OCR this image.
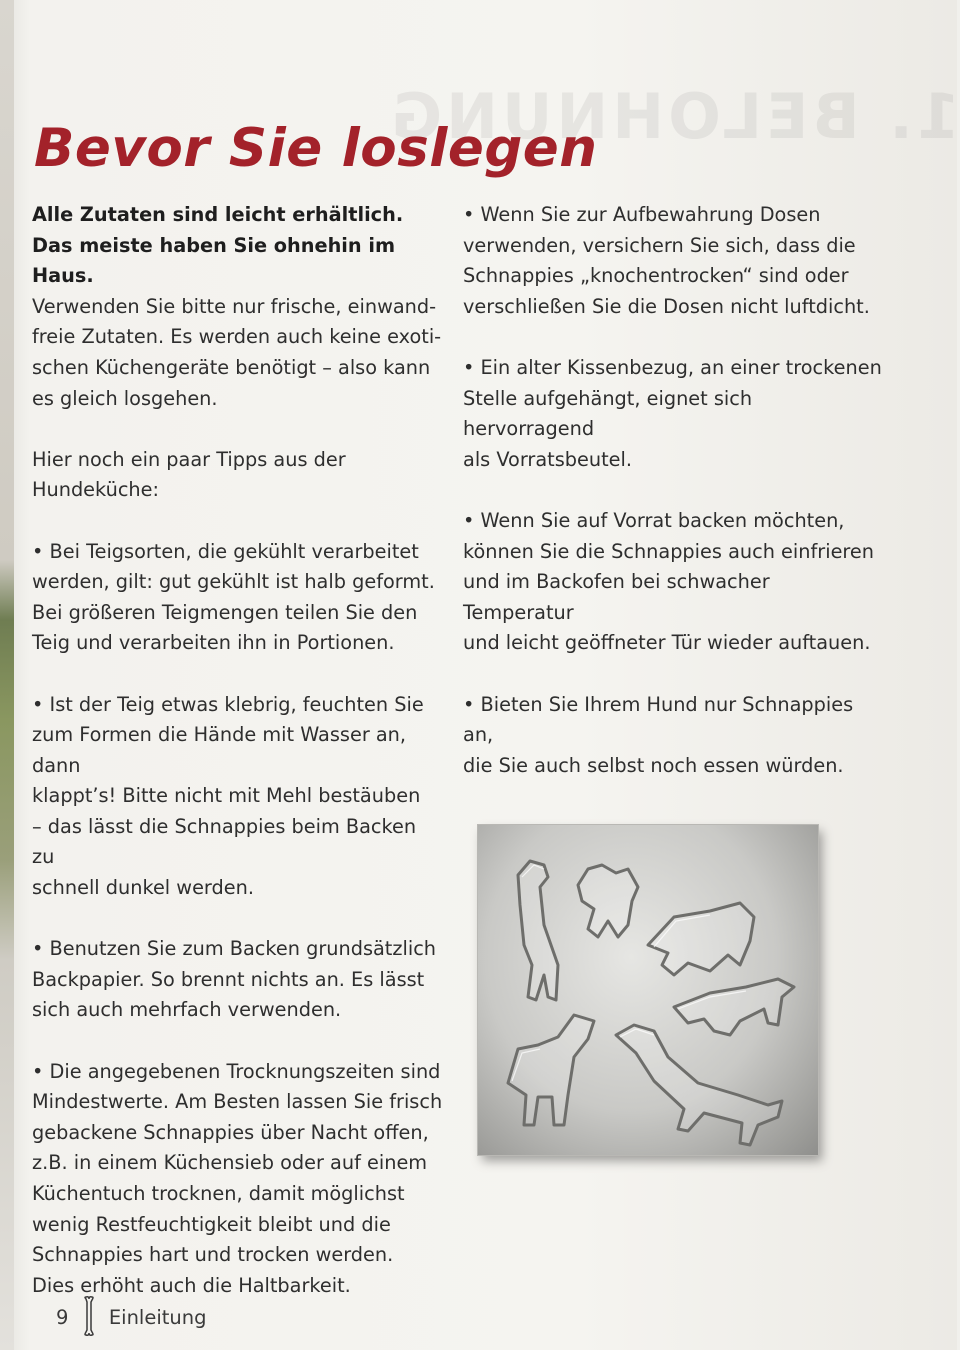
1. BELOHNUNG
Bevor Sie loslegen

Alle Zutaten sind leicht erhältlich.

Das meiste haben Sie ohnehin im Haus.

Verwenden Sie bitte nur frische, einwand-
freie Zutaten. Es werden auch keine exoti-
schen Küchengeräte benötigt – also kann
es gleich losgehen.

Hier noch ein paar Tipps aus der Hundeküche:

• Bei Teigsorten, die gekühlt verarbeitet
werden, gilt: gut gekühlt ist halb geformt.
Bei größeren Teigmengen teilen Sie den
Teig und verarbeiten ihn in Portionen.

• Ist der Teig etwas klebrig, feuchten Sie
zum Formen die Hände mit Wasser an, dann
klappt’s! Bitte nicht mit Mehl bestäuben
– das lässt die Schnappies beim Backen zu
schnell dunkel werden.

• Benutzen Sie zum Backen grundsätzlich
Backpapier. So brennt nichts an. Es lässt
sich auch mehrfach verwenden.

• Die angegebenen Trocknungszeiten sind
Mindestwerte. Am Besten lassen Sie frisch
gebackene Schnappies über Nacht offen,
z.B. in einem Küchensieb oder auf einem
Küchentuch trocknen, damit möglichst
wenig Restfeuchtigkeit bleibt und die
Schnappies hart und trocken werden.
Dies erhöht auch die Haltbarkeit.

• Wenn Sie zur Aufbewahrung Dosen
verwenden, versichern Sie sich, dass die
Schnappies „knochentrocken“ sind oder
verschließen Sie die Dosen nicht luftdicht.

• Ein alter Kissenbezug, an einer trockenen
Stelle aufgehängt, eignet sich hervorragend
als Vorratsbeutel.

• Wenn Sie auf Vorrat backen möchten,
können Sie die Schnappies auch einfrieren
und im Backofen bei schwacher Temperatur
und leicht geöffneter Tür wieder auftauen.

• Bieten Sie Ihrem Hund nur Schnappies an,
die Sie auch selbst noch essen würden.

9 Einleitung
